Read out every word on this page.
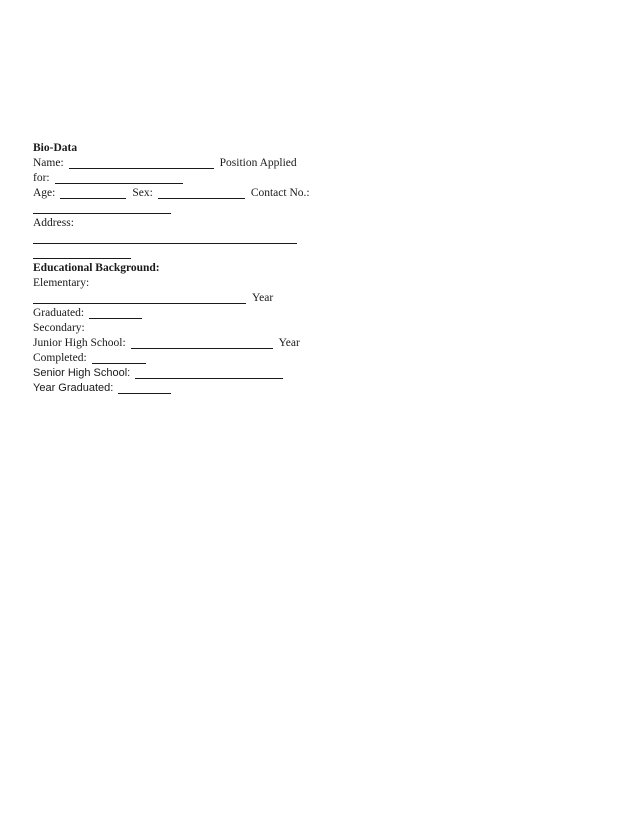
Bio-Data
Name:	Position Applied
for:
Age:	Sex:	Contact No.:
Address:
Educational Background:
Elementary:
Year
Graduated:
Secondary:
Junior High School:	Year
Completed:
Senior High School:
Year Graduated:
